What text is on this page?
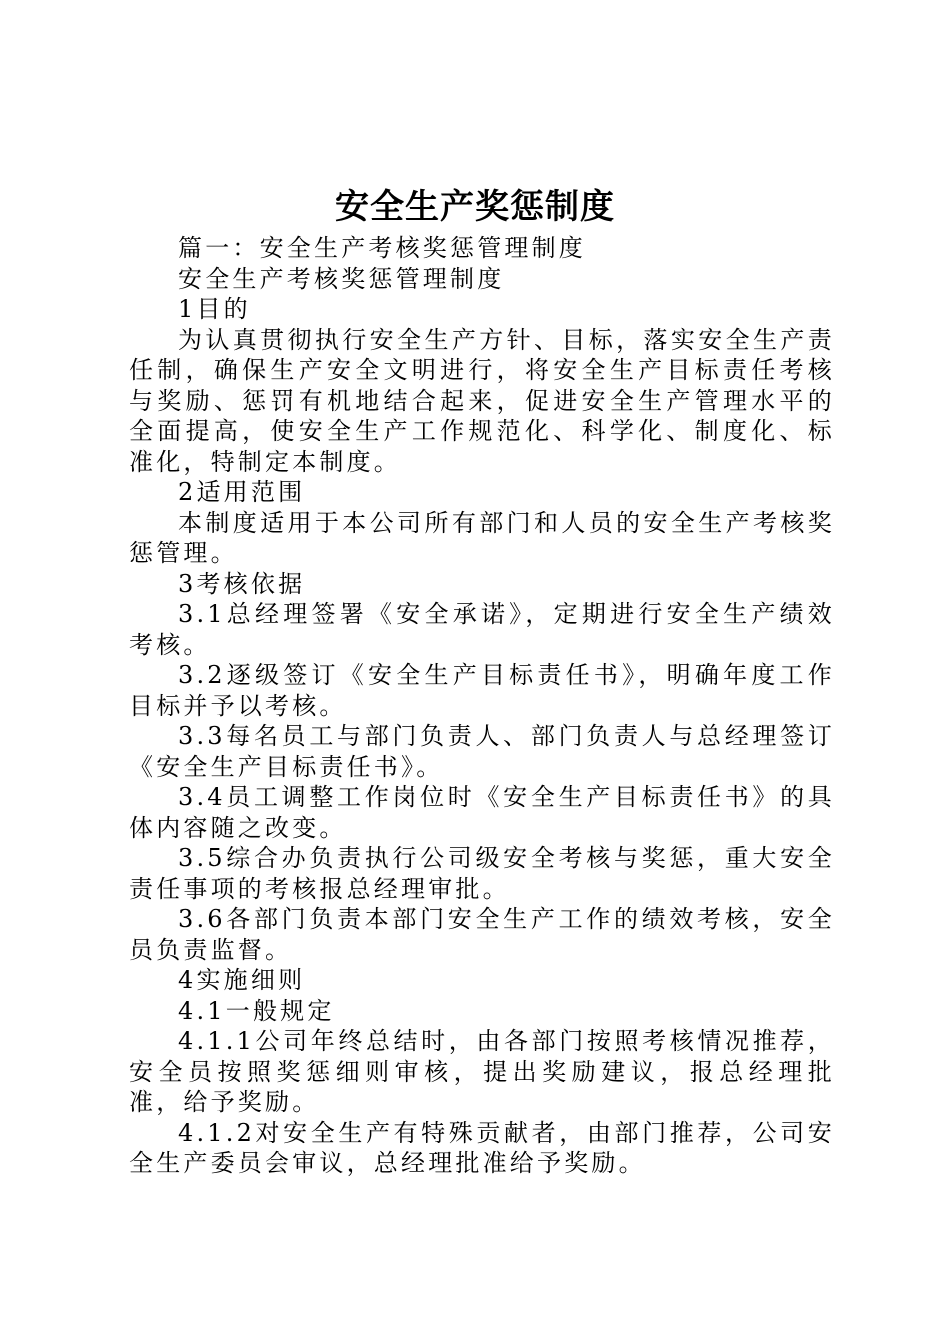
安全生产奖惩制度

篇一：安全生产考核奖惩管理制度

安全生产考核奖惩管理制度

1目的

为认真贯彻执行安全生产方针、目标，落实安全生产责任制，确保生产安全文明进行，将安全生产目标责任考核与奖励、惩罚有机地结合起来，促进安全生产管理水平的全面提高，使安全生产工作规范化、科学化、制度化、标准化，特制定本制度。

2适用范围

本制度适用于本公司所有部门和人员的安全生产考核奖惩管理。

3考核依据

3.1总经理签署《安全承诺》，定期进行安全生产绩效考核。

3.2逐级签订《安全生产目标责任书》，明确年度工作目标并予以考核。

3.3每名员工与部门负责人、部门负责人与总经理签订《安全生产目标责任书》。

3.4员工调整工作岗位时《安全生产目标责任书》的具体内容随之改变。

3.5综合办负责执行公司级安全考核与奖惩，重大安全责任事项的考核报总经理审批。

3.6各部门负责本部门安全生产工作的绩效考核，安全员负责监督。

4实施细则

4.1一般规定

4.1.1公司年终总结时，由各部门按照考核情况推荐，安全员按照奖惩细则审核，提出奖励建议，报总经理批准，给予奖励。

4.1.2对安全生产有特殊贡献者，由部门推荐，公司安全生产委员会审议，总经理批准给予奖励。
